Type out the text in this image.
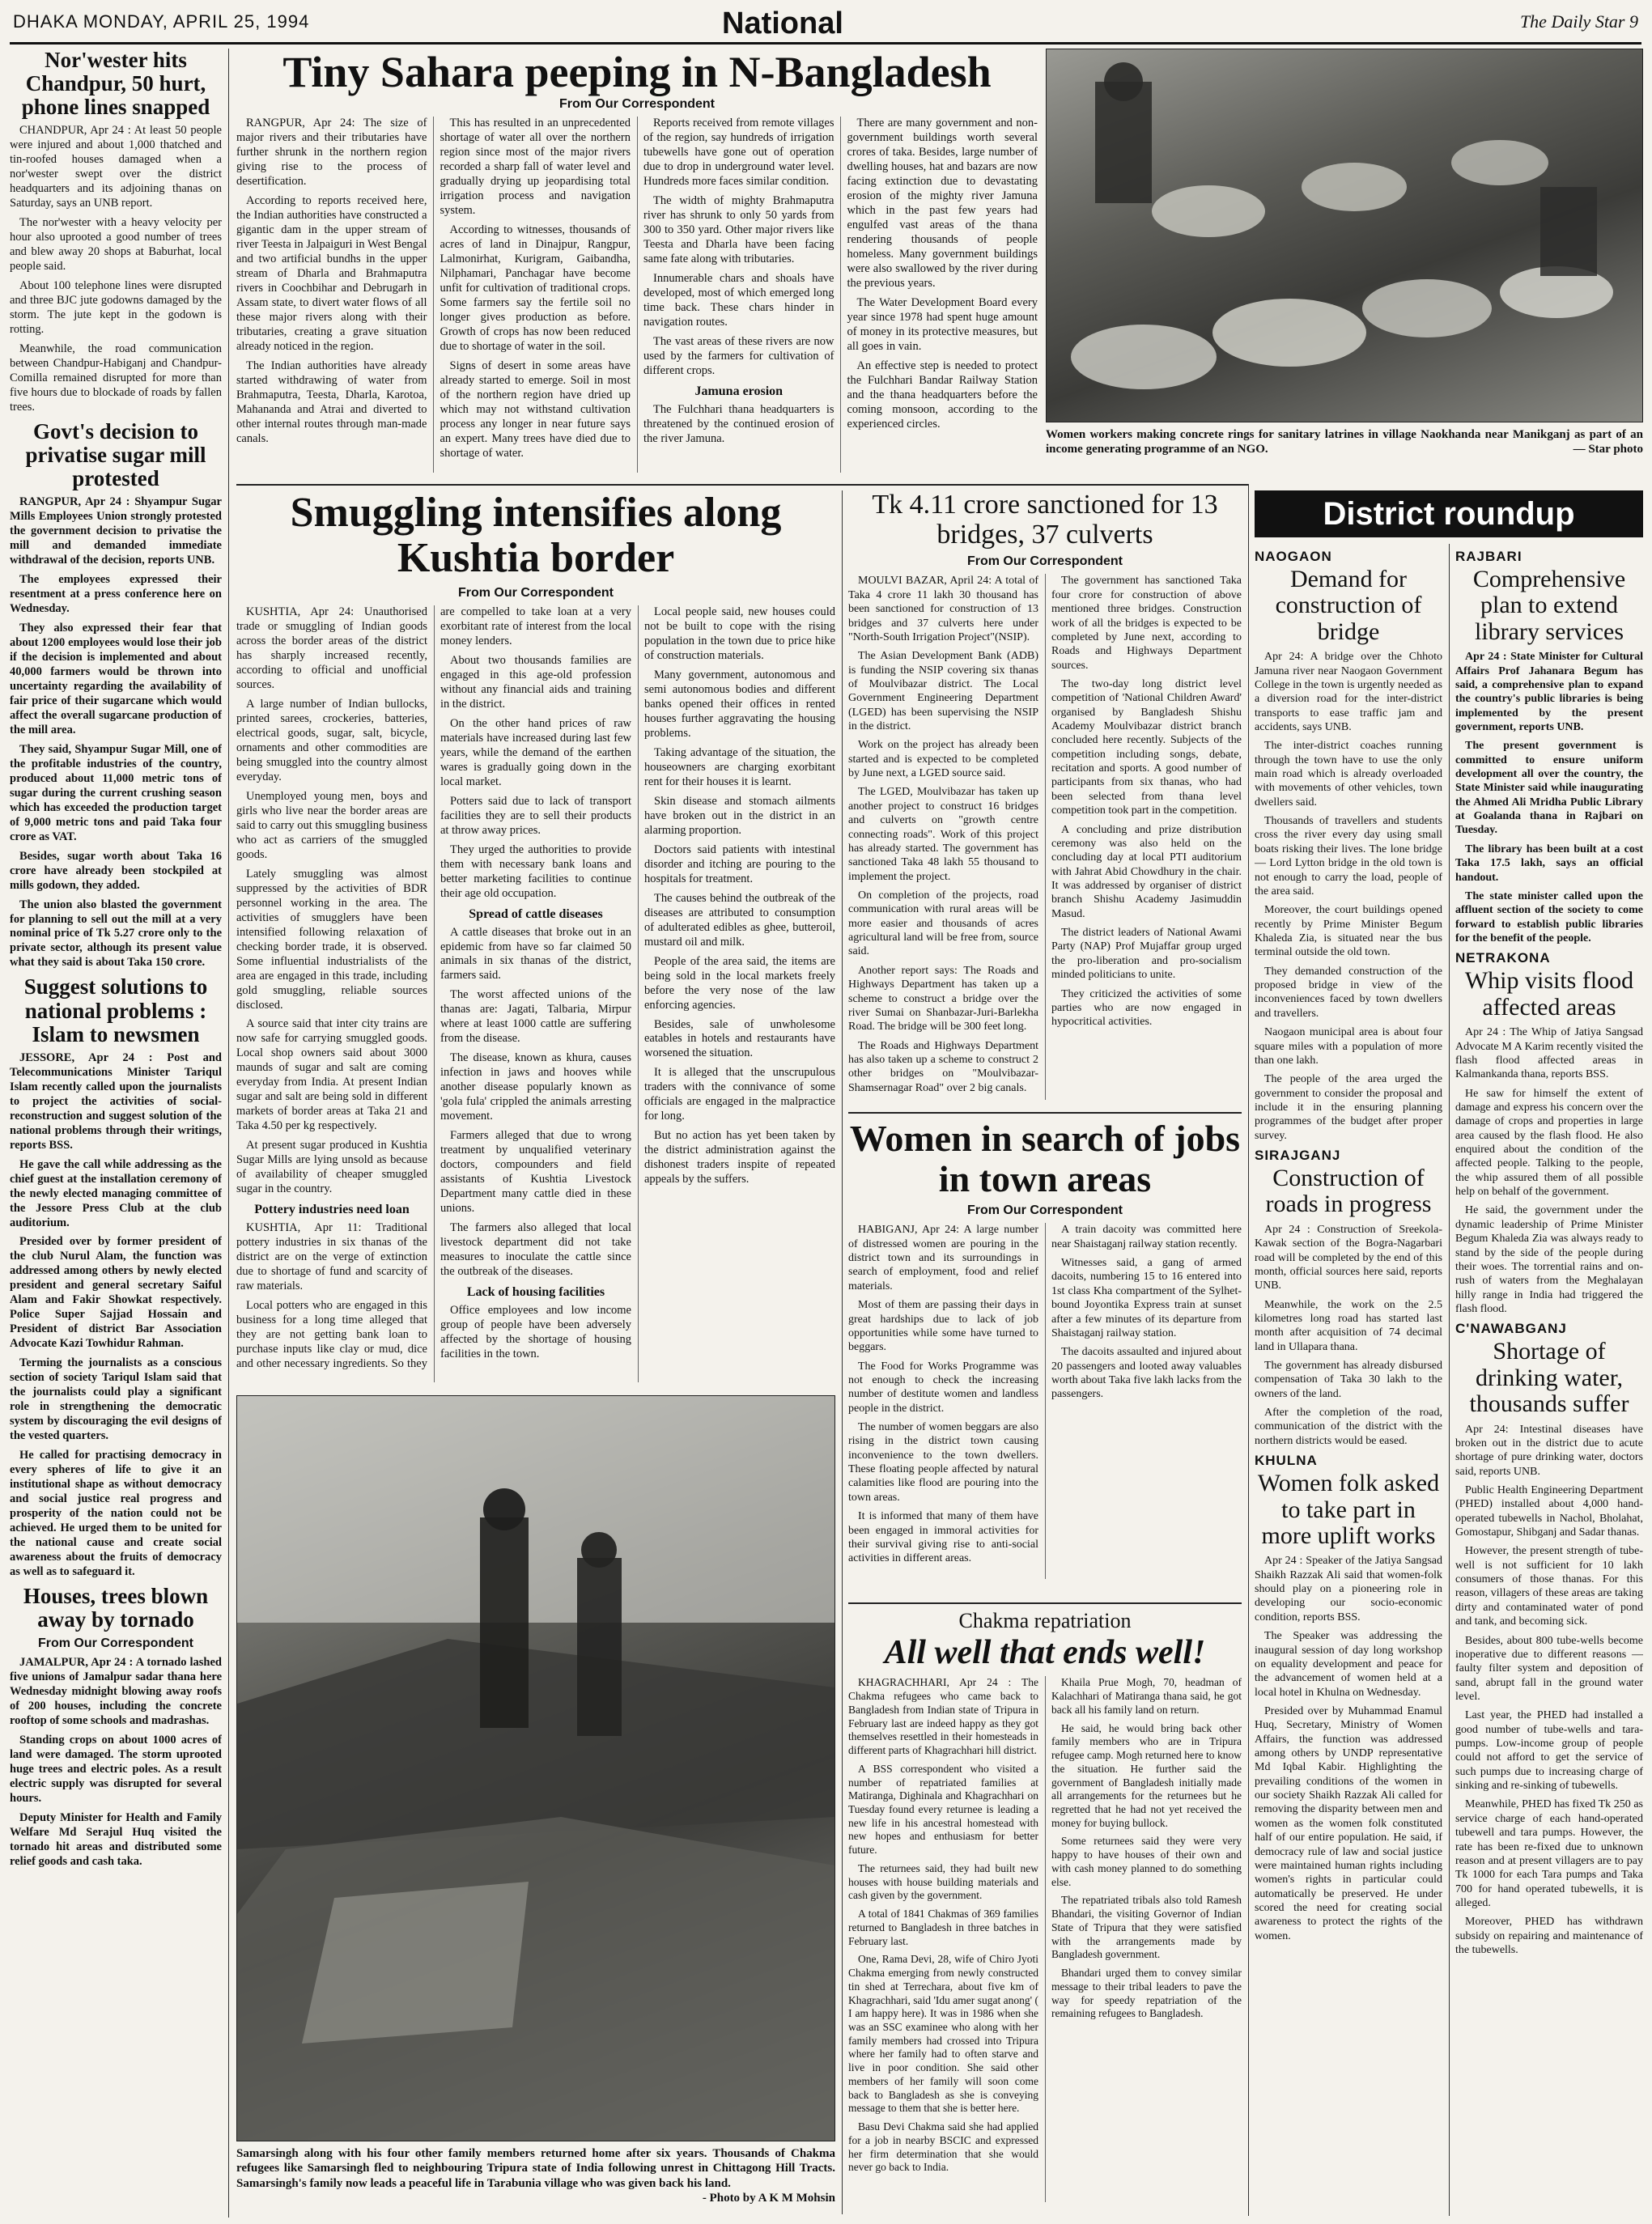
DHAKA MONDAY, APRIL 25, 1994	National	The Daily Star 9
Nor'wester hits Chandpur, 50 hurt, phone lines snapped

CHANDPUR, Apr 24 : At least 50 people were injured and about 1,000 thatched and tin-roofed houses damaged when a nor'wester swept over the district headquarters and its adjoining thanas on Saturday, says an UNB report.

The nor'wester with a heavy velocity per hour also uprooted a good number of trees and blew away 20 shops at Baburhat, local people said.

About 100 telephone lines were disrupted and three BJC jute godowns damaged by the storm. The jute kept in the godown is rotting.

Meanwhile, the road communication between Chandpur-Habiganj and Chandpur-Comilla remained disrupted for more than five hours due to blockade of roads by fallen trees.

Govt's decision to privatise sugar mill protested

RANGPUR, Apr 24 : Shyampur Sugar Mills Employees Union strongly protested the government decision to privatise the mill and demanded immediate withdrawal of the decision, reports UNB.

The employees expressed their resentment at a press conference here on Wednesday.

They also expressed their fear that about 1200 employees would lose their job if the decision is implemented and about 40,000 farmers would be thrown into uncertainty regarding the availability of fair price of their sugarcane which would affect the overall sugarcane production of the mill area.

They said, Shyampur Sugar Mill, one of the profitable industries of the country, produced about 11,000 metric tons of sugar during the current crushing season which has exceeded the production target of 9,000 metric tons and paid Taka four crore as VAT.

Besides, sugar worth about Taka 16 crore have already been stockpiled at mills godown, they added.

The union also blasted the government for planning to sell out the mill at a very nominal price of Tk 5.27 crore only to the private sector, although its present value what they said is about Taka 150 crore.

Suggest solutions to national problems : Islam to newsmen

JESSORE, Apr 24 : Post and Telecommunications Minister Tariqul Islam recently called upon the journalists to project the activities of social-reconstruction and suggest solution of the national problems through their writings, reports BSS.

He gave the call while addressing as the chief guest at the installation ceremony of the newly elected managing committee of the Jessore Press Club at the club auditorium.

Presided over by former president of the club Nurul Alam, the function was addressed among others by newly elected president and general secretary Saiful Alam and Fakir Showkat respectively. Police Super Sajjad Hossain and President of district Bar Association Advocate Kazi Towhidur Rahman.

Terming the journalists as a conscious section of society Tariqul Islam said that the journalists could play a significant role in strengthening the democratic system by discouraging the evil designs of the vested quarters.

He called for practising democracy in every spheres of life to give it an institutional shape as without democracy and social justice real progress and prosperity of the nation could not be achieved. He urged them to be united for the national cause and create social awareness about the fruits of democracy as well as to safeguard it.

Houses, trees blown away by tornado
From Our Correspondent

JAMALPUR, Apr 24 : A tornado lashed five unions of Jamalpur sadar thana here Wednesday midnight blowing away roofs of 200 houses, including the concrete rooftop of some schools and madrashas.

Standing crops on about 1000 acres of land were damaged. The storm uprooted huge trees and electric poles. As a result electric supply was disrupted for several hours.

Deputy Minister for Health and Family Welfare Md Serajul Huq visited the tornado hit areas and distributed some relief goods and cash taka.

Tiny Sahara peeping in N-Bangladesh
From Our Correspondent

RANGPUR, Apr 24: The size of major rivers and their tributaries have further shrunk in the northern region giving rise to the process of desertification.

According to reports received here, the Indian authorities have constructed a gigantic dam in the upper stream of river Teesta in Jalpaiguri in West Bengal and two artificial bundhs in the upper stream of Dharla and Brahmaputra rivers in Coochbihar and Debrugarh in Assam state, to divert water flows of all these major rivers along with their tributaries, creating a grave situation already noticed in the region.

The Indian authorities have already started withdrawing of water from Brahmaputra, Teesta, Dharla, Karotoa, Mahananda and Atrai and diverted to other internal routes through man-made canals.

This has resulted in an unprecedented shortage of water all over the northern region since most of the major rivers recorded a sharp fall of water level and gradually drying up jeopardising total irrigation process and navigation system.

According to witnesses, thousands of acres of land in Dinajpur, Rangpur, Lalmonirhat, Kurigram, Gaibandha, Nilphamari, Panchagar have become unfit for cultivation of traditional crops. Some farmers say the fertile soil no longer gives production as before. Growth of crops has now been reduced due to shortage of water in the soil.

Signs of desert in some areas have already started to emerge. Soil in most of the northern region have dried up which may not withstand cultivation process any longer in near future says an expert. Many trees have died due to shortage of water.

Reports received from remote villages of the region, say hundreds of irrigation tubewells have gone out of operation due to drop in underground water level. Hundreds more faces similar condition.

The width of mighty Brahmaputra river has shrunk to only 50 yards from 300 to 350 yard. Other major rivers like Teesta and Dharla have been facing same fate along with tributaries.

Innumerable chars and shoals have developed, most of which emerged long time back. These chars hinder in navigation routes.

The vast areas of these rivers are now used by the farmers for cultivation of different crops.

Jamuna erosion

The Fulchhari thana headquarters is threatened by the continued erosion of the river Jamuna.

There are many government and non-government buildings worth several crores of taka. Besides, large number of dwelling houses, hat and bazars are now facing extinction due to devastating erosion of the mighty river Jamuna which in the past few years had engulfed vast areas of the thana rendering thousands of people homeless. Many government buildings were also swallowed by the river during the previous years.

The Water Development Board every year since 1978 had spent huge amount of money in its protective measures, but all goes in vain.

An effective step is needed to protect the Fulchhari Bandar Railway Station and the thana headquarters before the coming monsoon, according to the experienced circles.

Women workers making concrete rings for sanitary latrines in village Naokhanda near Manikganj as part of an income generating programme of an NGO.	— Star photo
Smuggling intensifies along Kushtia border
From Our Correspondent

KUSHTIA, Apr 24: Unauthorised trade or smuggling of Indian goods across the border areas of the district has sharply increased recently, according to official and unofficial sources.

A large number of Indian bullocks, printed sarees, crockeries, batteries, electrical goods, sugar, salt, bicycle, ornaments and other commodities are being smuggled into the country almost everyday.

Unemployed young men, boys and girls who live near the border areas are said to carry out this smuggling business who act as carriers of the smuggled goods.

Lately smuggling was almost suppressed by the activities of BDR personnel working in the area. The activities of smugglers have been intensified following relaxation of checking border trade, it is observed. Some influential industrialists of the area are engaged in this trade, including gold smuggling, reliable sources disclosed.

A source said that inter city trains are now safe for carrying smuggled goods. Local shop owners said about 3000 maunds of sugar and salt are coming everyday from India. At present Indian sugar and salt are being sold in different markets of border areas at Taka 21 and Taka 4.50 per kg respectively.

At present sugar produced in Kushtia Sugar Mills are lying unsold as because of availability of cheaper smuggled sugar in the country.

Pottery industries need loan

KUSHTIA, Apr 11: Traditional pottery industries in six thanas of the district are on the verge of extinction due to shortage of fund and scarcity of raw materials.

Local potters who are engaged in this business for a long time alleged that they are not getting bank loan to purchase inputs like clay or mud, dice and other necessary ingredients. So they are compelled to take loan at a very exorbitant rate of interest from the local money lenders.

About two thousands families are engaged in this age-old profession without any financial aids and training in the district.

On the other hand prices of raw materials have increased during last few years, while the demand of the earthen wares is gradually going down in the local market.

Potters said due to lack of transport facilities they are to sell their products at throw away prices.

They urged the authorities to provide them with necessary bank loans and better marketing facilities to continue their age old occupation.

Spread of cattle diseases

A cattle diseases that broke out in an epidemic from have so far claimed 50 animals in six thanas of the district, farmers said.

The worst affected unions of the thanas are: Jagati, Talbaria, Mirpur where at least 1000 cattle are suffering from the disease.

The disease, known as khura, causes infection in jaws and hooves while another disease popularly known as 'gola fula' crippled the animals arresting movement.

Farmers alleged that due to wrong treatment by unqualified veterinary doctors, compounders and field assistants of Kushtia Livestock Department many cattle died in these unions.

The farmers also alleged that local livestock department did not take measures to inoculate the cattle since the outbreak of the diseases.

Lack of housing facilities

Office employees and low income group of people have been adversely affected by the shortage of housing facilities in the town.

Local people said, new houses could not be built to cope with the rising population in the town due to price hike of construction materials.

Many government, autonomous and semi autonomous bodies and different banks opened their offices in rented houses further aggravating the housing problems.

Taking advantage of the situation, the houseowners are charging exorbitant rent for their houses it is learnt.

Skin disease and stomach ailments have broken out in the district in an alarming proportion.

Doctors said patients with intestinal disorder and itching are pouring to the hospitals for treatment.

The causes behind the outbreak of the diseases are attributed to consumption of adulterated edibles as ghee, butteroil, mustard oil and milk.

People of the area said, the items are being sold in the local markets freely before the very nose of the law enforcing agencies.

Besides, sale of unwholesome eatables in hotels and restaurants have worsened the situation.

It is alleged that the unscrupulous traders with the connivance of some officials are engaged in the malpractice for long.

But no action has yet been taken by the district administration against the dishonest traders inspite of repeated appeals by the suffers.

Tk 4.11 crore sanctioned for 13 bridges, 37 culverts
From Our Correspondent

MOULVI BAZAR, April 24: A total of Taka 4 crore 11 lakh 30 thousand has been sanctioned for construction of 13 bridges and 37 culverts here under "North-South Irrigation Project"(NSIP).

The Asian Development Bank (ADB) is funding the NSIP covering six thanas of Moulvibazar district. The Local Government Engineering Department (LGED) has been supervising the NSIP in the district.

Work on the project has already been started and is expected to be completed by June next, a LGED source said.

The LGED, Moulvibazar has taken up another project to construct 16 bridges and culverts on "growth centre connecting roads". Work of this project has already started. The government has sanctioned Taka 48 lakh 55 thousand to implement the project.

On completion of the projects, road communication with rural areas will be more easier and thousands of acres agricultural land will be free from, source said.

Another report says: The Roads and Highways Department has taken up a scheme to construct a bridge over the river Sumai on Shanbazar-Juri-Barlekha Road. The bridge will be 300 feet long.

The Roads and Highways Department has also taken up a scheme to construct 2 other bridges on "Moulvibazar-Shamsernagar Road" over 2 big canals.

The government has sanctioned Taka four crore for construction of above mentioned three bridges. Construction work of all the bridges is expected to be completed by June next, according to Roads and Highways Department sources.

The two-day long district level competition of 'National Children Award' organised by Bangladesh Shishu Academy Moulvibazar district branch concluded here recently. Subjects of the competition including songs, debate, recitation and sports. A good number of participants from six thanas, who had been selected from thana level competition took part in the competition.

A concluding and prize distribution ceremony was also held on the concluding day at local PTI auditorium with Jahrat Abid Chowdhury in the chair. It was addressed by organiser of district branch Shishu Academy Jasimuddin Masud.

The district leaders of National Awami Party (NAP) Prof Mujaffar group urged the pro-liberation and pro-socialism minded politicians to unite.

They criticized the activities of some parties who are now engaged in hypocritical activities.

Women in search of jobs in town areas
From Our Correspondent

HABIGANJ, Apr 24: A large number of distressed women are pouring in the district town and its surroundings in search of employment, food and relief materials.

Most of them are passing their days in great hardships due to lack of job opportunities while some have turned to beggars.

The Food for Works Programme was not enough to check the increasing number of destitute women and landless people in the district.

The number of women beggars are also rising in the district town causing inconvenience to the town dwellers. These floating people affected by natural calamities like flood are pouring into the town areas.

It is informed that many of them have been engaged in immoral activities for their survival giving rise to anti-social activities in different areas.

A train dacoity was committed here near Shaistaganj railway station recently.

Witnesses said, a gang of armed dacoits, numbering 15 to 16 entered into 1st class Kha compartment of the Sylhet-bound Joyontika Express train at sunset after a few minutes of its departure from Shaistaganj railway station.

The dacoits assaulted and injured about 20 passengers and looted away valuables worth about Taka five lakh lacks from the passengers.

Chakma repatriation
All well that ends well!

KHAGRACHHARI, Apr 24 : The Chakma refugees who came back to Bangladesh from Indian state of Tripura in February last are indeed happy as they got themselves resettled in their homesteads in different parts of Khagrachhari hill district.

A BSS correspondent who visited a number of repatriated families at Matiranga, Dighinala and Khagrachhari on Tuesday found every returnee is leading a new life in his ancestral homestead with new hopes and enthusiasm for better future.

The returnees said, they had built new houses with house building materials and cash given by the government.

A total of 1841 Chakmas of 369 families returned to Bangladesh in three batches in February last.

One, Rama Devi, 28, wife of Chiro Jyoti Chakma emerging from newly constructed tin shed at Terrechara, about five km of Khagrachhari, said 'Idu amer sugat anong' ( I am happy here). It was in 1986 when she was an SSC examinee who along with her family members had crossed into Tripura where her family had to often starve and live in poor condition. She said other members of her family will soon come back to Bangladesh as she is conveying message to them that she is better here.

Basu Devi Chakma said she had applied for a job in nearby BSCIC and expressed her firm determination that she would never go back to India.

Khaila Prue Mogh, 70, headman of Kalachhari of Matiranga thana said, he got back all his family land on return.

He said, he would bring back other family members who are in Tripura refugee camp. Mogh returned here to know the situation. He further said the government of Bangladesh initially made all arrangements for the returnees but he regretted that he had not yet received the money for buying bullock.

Some returnees said they were very happy to have houses of their own and with cash money planned to do something else.

The repatriated tribals also told Ramesh Bhandari, the visiting Governor of Indian State of Tripura that they were satisfied with the arrangements made by Bangladesh government.

Bhandari urged them to convey similar message to their tribal leaders to pave the way for speedy repatriation of the remaining refugees to Bangladesh.

Samarsingh along with his four other family members returned home after six years. Thousands of Chakma refugees like Samarsingh fled to neighbouring Tripura state of India following unrest in Chittagong Hill Tracts. Samarsingh's family now leads a peaceful life in Tarabunia village who was given back his land.
- Photo by A K M Mohsin
District roundup
NAOGAON
Demand for construction of bridge

Apr 24: A bridge over the Chhoto Jamuna river near Naogaon Government College in the town is urgently needed as a diversion road for the inter-district transports to ease traffic jam and accidents, says UNB.

The inter-district coaches running through the town have to use the only main road which is already overloaded with movements of other vehicles, town dwellers said.

Thousands of travellers and students cross the river every day using small boats risking their lives. The lone bridge — Lord Lytton bridge in the old town is not enough to carry the load, people of the area said.

Moreover, the court buildings opened recently by Prime Minister Begum Khaleda Zia, is situated near the bus terminal outside the old town.

They demanded construction of the proposed bridge in view of the inconveniences faced by town dwellers and travellers.

Naogaon municipal area is about four square miles with a population of more than one lakh.

The people of the area urged the government to consider the proposal and include it in the ensuring planning programmes of the budget after proper survey.

SIRAJGANJ
Construction of roads in progress

Apr 24 : Construction of Sreekola-Kawak section of the Bogra-Nagarbari road will be completed by the end of this month, official sources here said, reports UNB.

Meanwhile, the work on the 2.5 kilometres long road has started last month after acquisition of 74 decimal land in Ullapara thana.

The government has already disbursed compensation of Taka 30 lakh to the owners of the land.

After the completion of the road, communication of the district with the northern districts would be eased.

KHULNA
Women folk asked to take part in more uplift works

Apr 24 : Speaker of the Jatiya Sangsad Shaikh Razzak Ali said that women-folk should play on a pioneering role in developing our socio-economic condition, reports BSS.

The Speaker was addressing the inaugural session of day long workshop on equality development and peace for the advancement of women held at a local hotel in Khulna on Wednesday.

Presided over by Muhammad Enamul Huq, Secretary, Ministry of Women Affairs, the function was addressed among others by UNDP representative Md Iqbal Kabir. Highlighting the prevailing conditions of the women in our society Shaikh Razzak Ali called for removing the disparity between men and women as the women folk constituted half of our entire population. He said, if democracy rule of law and social justice were maintained human rights including women's rights in particular could automatically be preserved. He under scored the need for creating social awareness to protect the rights of the women.

RAJBARI
Comprehensive plan to extend library services

Apr 24 : State Minister for Cultural Affairs Prof Jahanara Begum has said, a comprehensive plan to expand the country's public libraries is being implemented by the present government, reports UNB.

The present government is committed to ensure uniform development all over the country, the State Minister said while inaugurating the Ahmed Ali Mridha Public Library at Goalanda thana in Rajbari on Tuesday.

The library has been built at a cost Taka 17.5 lakh, says an official handout.

The state minister called upon the affluent section of the society to come forward to establish public libraries for the benefit of the people.

NETRAKONA
Whip visits flood affected areas

Apr 24 : The Whip of Jatiya Sangsad Advocate M A Karim recently visited the flash flood affected areas in Kalmankanda thana, reports BSS.

He saw for himself the extent of damage and express his concern over the damage of crops and properties in large area caused by the flash flood. He also enquired about the condition of the affected people. Talking to the people, the whip assured them of all possible help on behalf of the government.

He said, the government under the dynamic leadership of Prime Minister Begum Khaleda Zia was always ready to stand by the side of the people during their woes. The torrential rains and on-rush of waters from the Meghalayan hilly range in India had triggered the flash flood.

C'NAWABGANJ
Shortage of drinking water, thousands suffer

Apr 24: Intestinal diseases have broken out in the district due to acute shortage of pure drinking water, doctors said, reports UNB.

Public Health Engineering Department (PHED) installed about 4,000 hand-operated tubewells in Nachol, Bholahat, Gomostapur, Shibganj and Sadar thanas.

However, the present strength of tube-well is not sufficient for 10 lakh consumers of those thanas. For this reason, villagers of these areas are taking dirty and contaminated water of pond and tank, and becoming sick.

Besides, about 800 tube-wells become inoperative due to different reasons — faulty filter system and deposition of sand, abrupt fall in the ground water level.

Last year, the PHED had installed a good number of tube-wells and tara-pumps. Low-income group of people could not afford to get the service of such pumps due to increasing charge of sinking and re-sinking of tubewells.

Meanwhile, PHED has fixed Tk 250 as service charge of each hand-operated tubewell and tara pumps. However, the rate has been re-fixed due to unknown reason and at present villagers are to pay Tk 1000 for each Tara pumps and Taka 700 for hand operated tubewells, it is alleged.

Moreover, PHED has withdrawn subsidy on repairing and maintenance of the tubewells.
